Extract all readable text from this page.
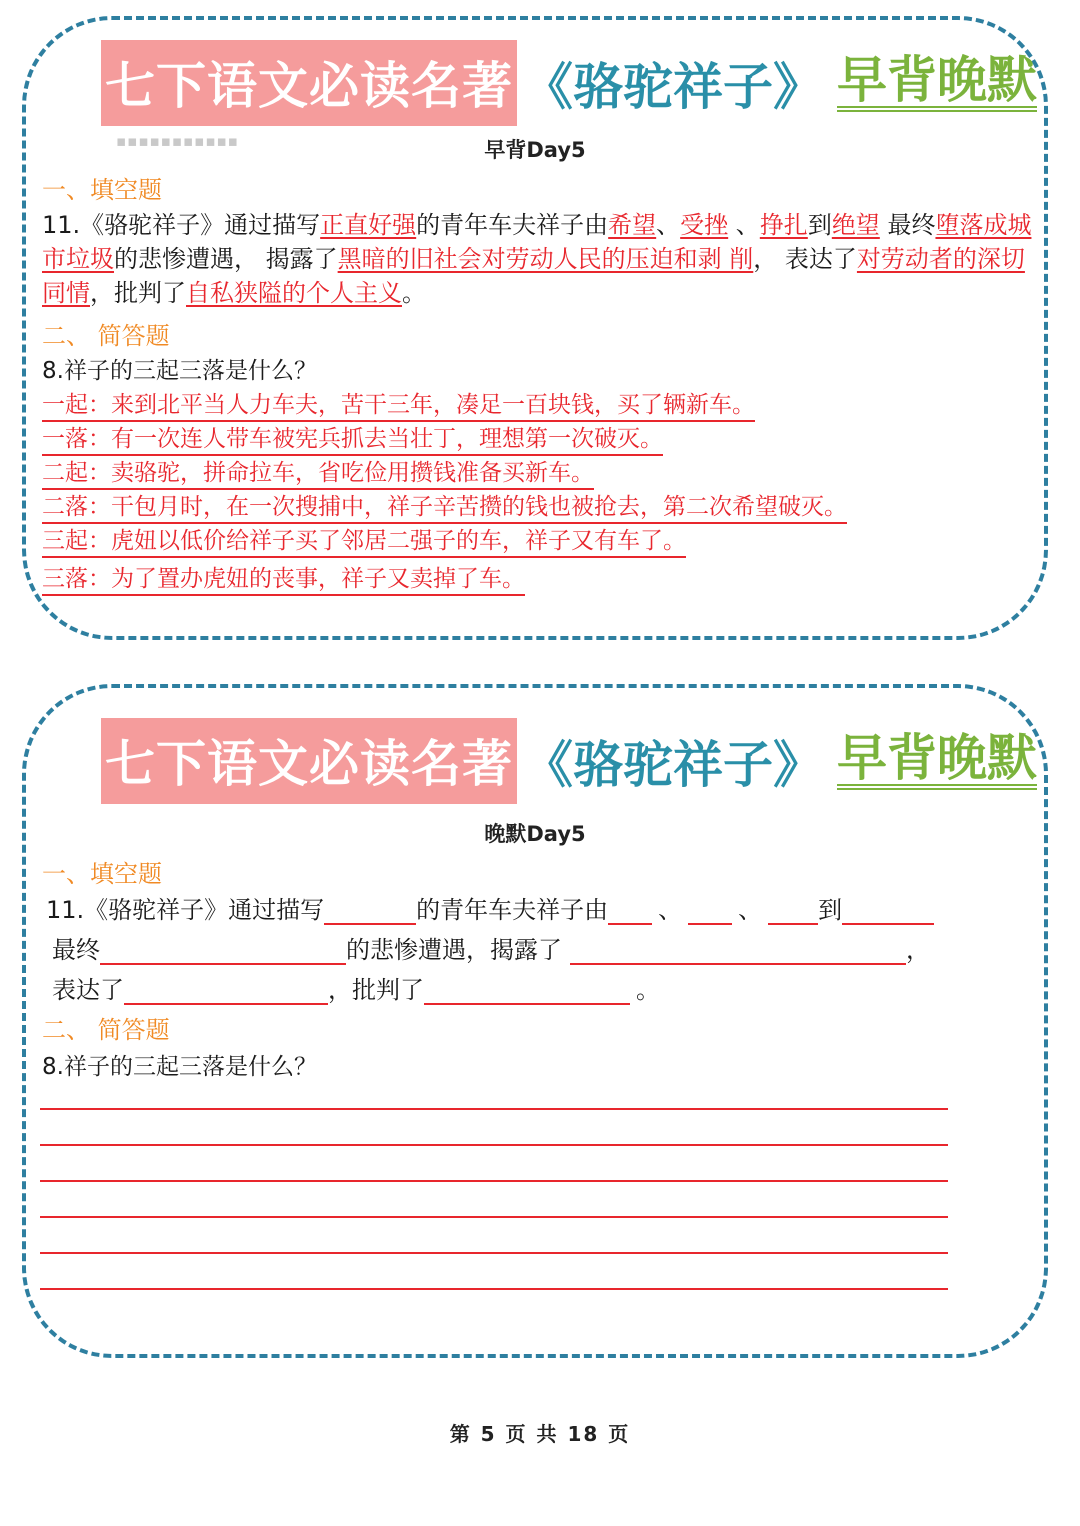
七下语文必读名著 《骆驼祥子》 早背晚默
▪▪▪▪▪▪▪▪▪▪▪	早背Day5
一、填空题
11.《骆驼祥子》通过描写正直好强的青年车夫祥子由希望、受挫 、挣扎到绝望 最终堕落成城市垃圾的悲惨遭遇， 揭露了黑暗的旧社会对劳动人民的压迫和剥 削， 表达了对劳动者的深切同情，批判了自私狭隘的个人主义。
二、 简答题
8.祥子的三起三落是什么？
一起：来到北平当人力车夫，苦干三年，凑足一百块钱，买了辆新车。
一落：有一次连人带车被宪兵抓去当壮丁，理想第一次破灭。
二起：卖骆驼，拼命拉车，省吃俭用攒钱准备买新车。
二落：干包月时，在一次搜捕中，祥子辛苦攒的钱也被抢去，第二次希望破灭。
三起：虎妞以低价给祥子买了邻居二强子的车，祥子又有车了。
三落：为了置办虎妞的丧事，祥子又卖掉了车。
七下语文必读名著 《骆驼祥子》 早背晚默
晚默Day5
一、填空题
11.《骆驼祥子》通过描写	的青年车夫祥子由 、 、 到
最终	的悲惨遭遇，揭露了	，
表达了	，批判了	。
二、 简答题
8.祥子的三起三落是什么？
第 5 页 共 18 页
